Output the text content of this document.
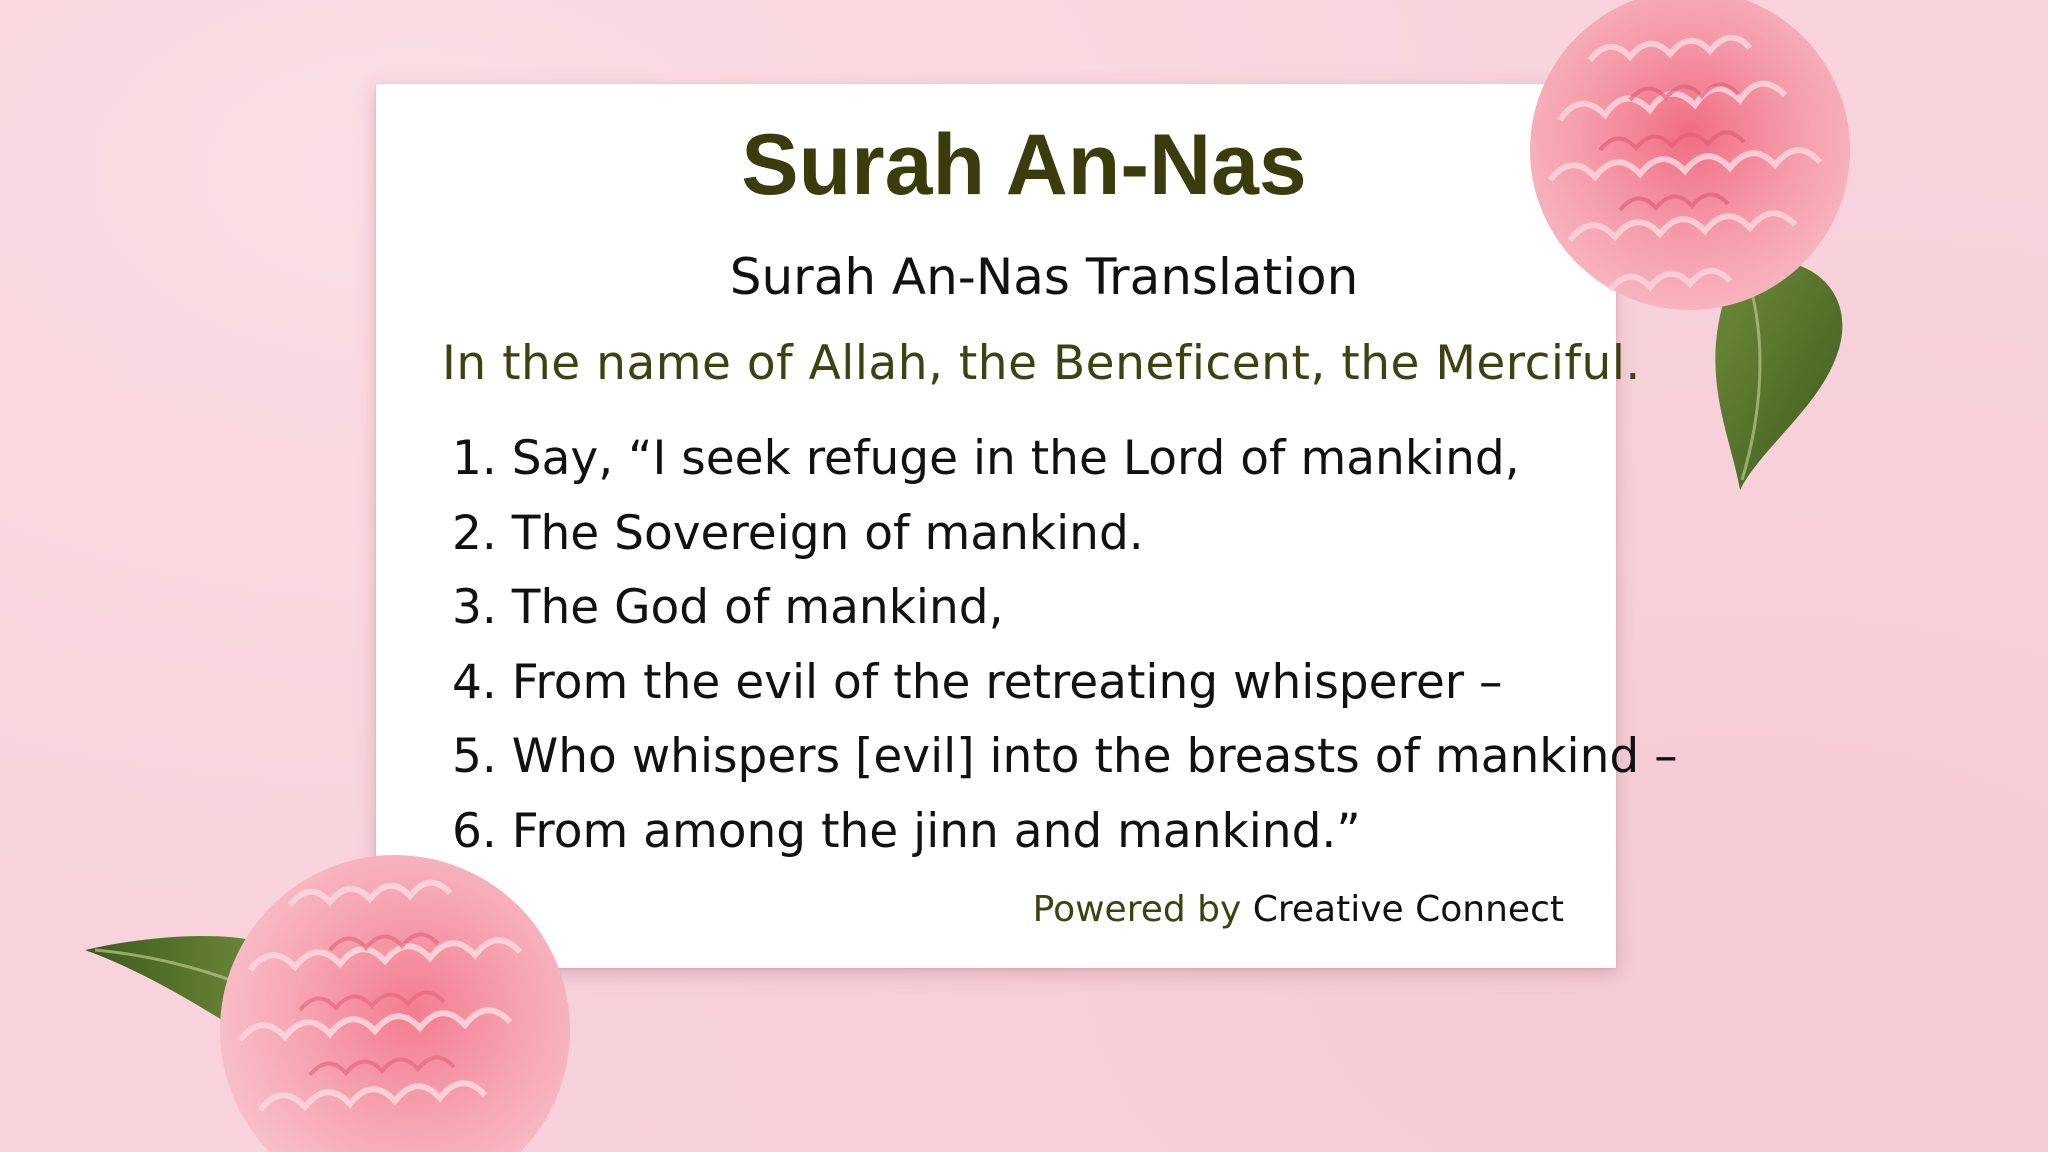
Surah An-Nas
Surah An-Nas Translation
In the name of Allah, the Beneficent, the Merciful.
1. Say, “I seek refuge in the Lord of mankind,
2. The Sovereign of mankind.
3. The God of mankind,
4. From the evil of the retreating whisperer –
5. Who whispers [evil] into the breasts of mankind –
6. From among the jinn and mankind.”
Powered by Creative Connect
